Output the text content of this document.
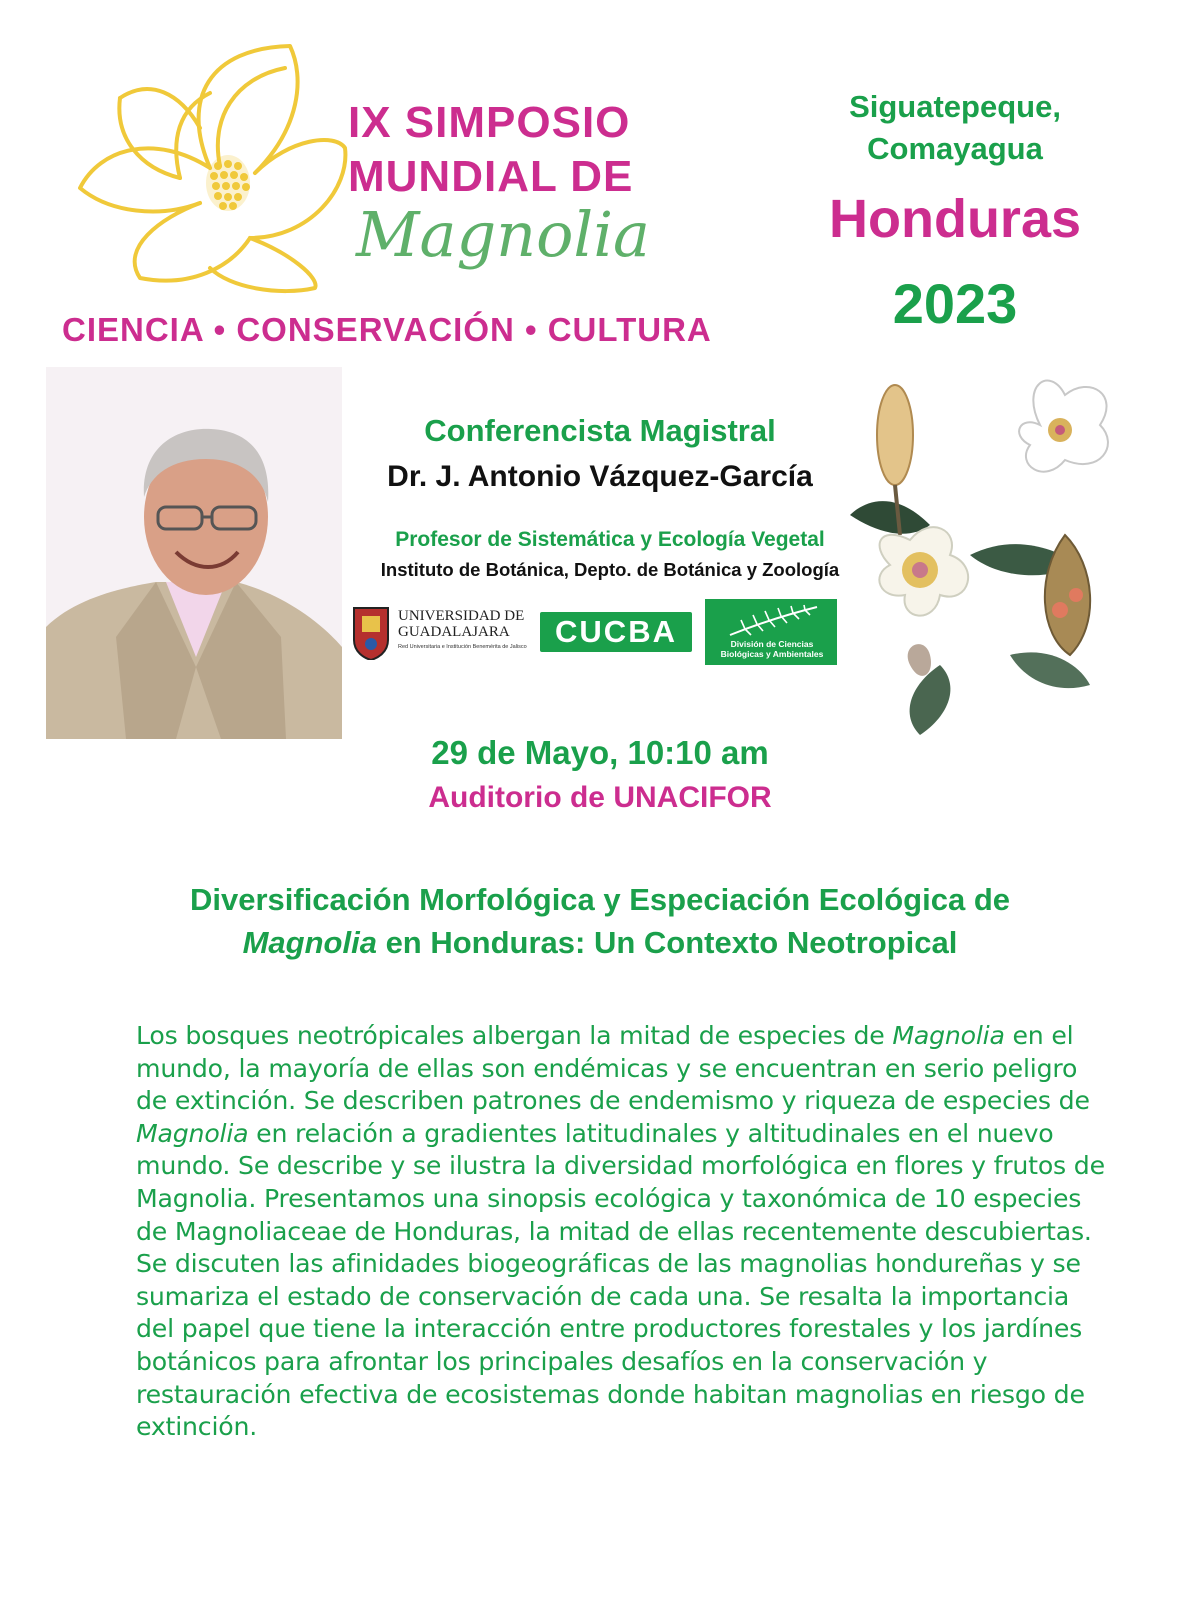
IX SIMPOSIO
MUNDIAL DE
Magnolia
CIENCIA • CONSERVACIÓN • CULTURA
Siguatepeque,
Comayagua
Honduras
2023
Conferencista Magistral
Dr. J. Antonio Vázquez-García
Profesor de Sistemática y Ecología Vegetal
Instituto de Botánica, Depto. de Botánica y Zoología
UNIVERSIDAD DE
GUADALAJARA
Red Universitaria e Institución Benemérita de Jalisco CUCBA	División de Ciencias
Biológicas y Ambientales
29 de Mayo, 10:10 am
Auditorio de UNACIFOR
Diversificación Morfológica y Especiación Ecológica de
Magnolia en Honduras: Un Contexto Neotropical
Los bosques neotrópicales albergan la mitad de especies de Magnolia en el mundo, la mayoría de ellas son endémicas y se encuentran en serio peligro de extinción. Se describen patrones de endemismo y riqueza de especies de Magnolia en relación a gradientes latitudinales y altitudinales en el nuevo mundo. Se describe y se ilustra la diversidad morfológica en flores y frutos de Magnolia. Presentamos una sinopsis ecológica y taxonómica de 10 especies de Magnoliaceae de Honduras, la mitad de ellas recentemente descubiertas. Se discuten las afinidades biogeográficas de las magnolias hondureñas y se sumariza el estado de conservación de cada una. Se resalta la importancia del papel que tiene la interacción entre productores forestales y los jardínes botánicos para afrontar los principales desafíos en la conservación y restauración efectiva de ecosistemas donde habitan magnolias en riesgo de extinción.
